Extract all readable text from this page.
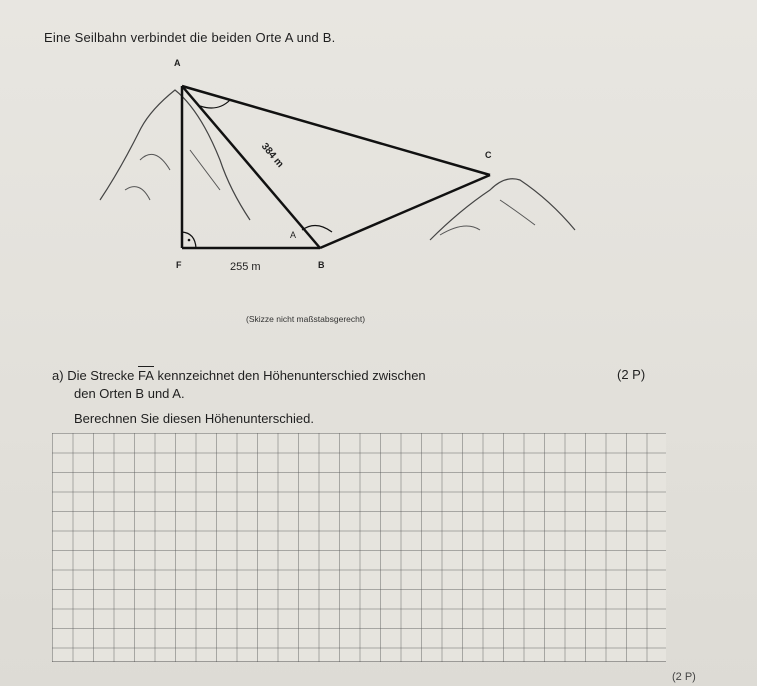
Eine Seilbahn verbindet die beiden Orte A und B.
A
C
F	B
255 m
A
384 m
(Skizze nicht maßstabsgerecht)
a) Die Strecke FA kennzeichnet den Höhenunterschied zwischen	(2 P)
den Orten B und A.
Berechnen Sie diesen Höhenunterschied.
(2 P)
